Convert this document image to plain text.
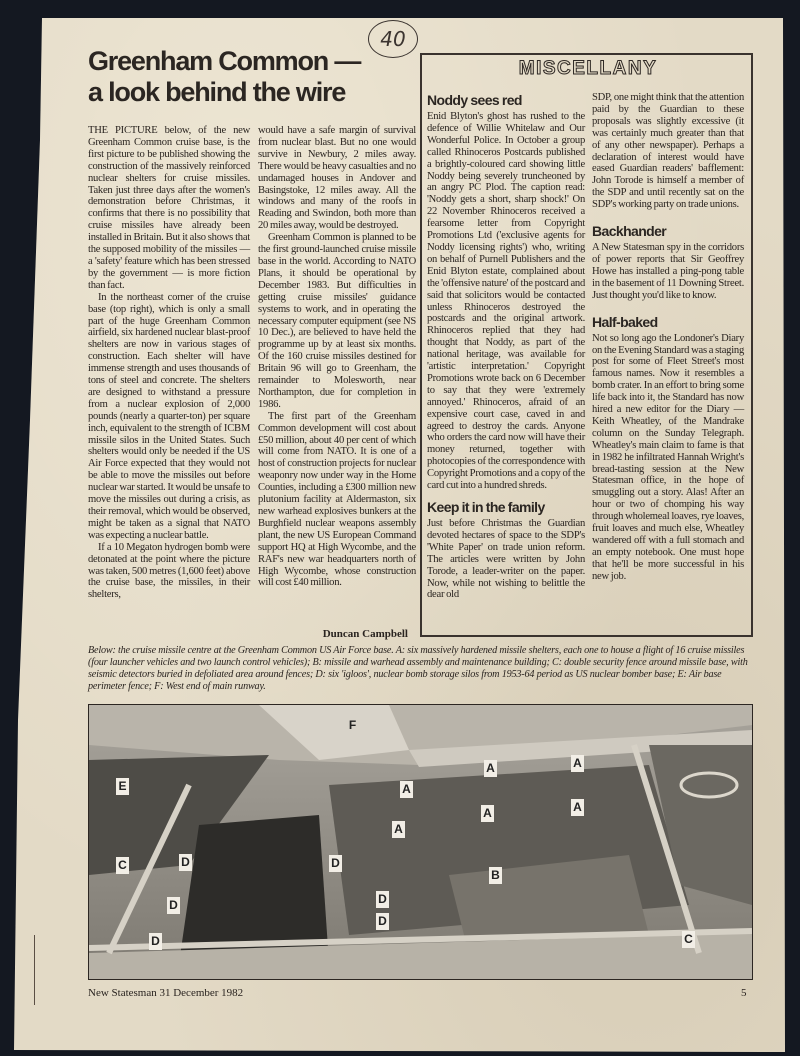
40
Greenham Common — a look behind the wire

THE PICTURE below, of the new Greenham Common cruise base, is the first picture to be published showing the construction of the massively reinforced nuclear shelters for cruise missiles. Taken just three days after the women's demonstration before Christmas, it confirms that there is no possibility that cruise missiles have already been installed in Britain. But it also shows that the supposed mobility of the missiles — a 'safety' feature which has been stressed by the government — is more fiction than fact.

In the northeast corner of the cruise base (top right), which is only a small part of the huge Greenham Common airfield, six hardened nuclear blast-proof shelters are now in various stages of construction. Each shelter will have immense strength and uses thousands of tons of steel and concrete. The shelters are designed to withstand a pressure from a nuclear explosion of 2,000 pounds (nearly a quarter-ton) per square inch, equivalent to the strength of ICBM missile silos in the United States. Such shelters would only be needed if the US Air Force expected that they would not be able to move the missiles out before nuclear war started. It would be unsafe to move the missiles out during a crisis, as their removal, which would be observed, might be taken as a signal that NATO was expecting a nuclear battle.

If a 10 Megaton hydrogen bomb were detonated at the point where the picture was taken, 500 metres (1,600 feet) above the cruise base, the missiles, in their shelters,

would have a safe margin of survival from nuclear blast. But no one would survive in Newbury, 2 miles away. There would be heavy casualties and no undamaged houses in Andover and Basingstoke, 12 miles away. All the windows and many of the roofs in Reading and Swindon, both more than 20 miles away, would be destroyed.

Greenham Common is planned to be the first ground-launched cruise missile base in the world. According to NATO Plans, it should be operational by December 1983. But difficulties in getting cruise missiles' guidance systems to work, and in operating the necessary computer equipment (see NS 10 Dec.), are believed to have held the programme up by at least six months. Of the 160 cruise missiles destined for Britain 96 will go to Greenham, the remainder to Molesworth, near Northampton, due for completion in 1986.

The first part of the Greenham Common development will cost about £50 million, about 40 per cent of which will come from NATO. It is one of a host of construction projects for nuclear weaponry now under way in the Home Counties, including a £300 million new plutonium facility at Aldermaston, six new warhead explosives bunkers at the Burghfield nuclear weapons assembly plant, the new US European Command support HQ at High Wycombe, and the RAF's new war headquarters north of High Wycombe, whose construction will cost £40 million.

Duncan Campbell
MISCELLANY
Noddy sees red

Enid Blyton's ghost has rushed to the defence of Willie Whitelaw and Our Wonderful Police. In October a group called Rhinoceros Postcards published a brightly-coloured card showing little Noddy being severely truncheoned by an angry PC Plod. The caption read: 'Noddy gets a short, sharp shock!' On 22 November Rhinoceros received a fearsome letter from Copyright Promotions Ltd ('exclusive agents for Noddy licensing rights') who, writing on behalf of Purnell Publishers and the Enid Blyton estate, complained about the 'offensive nature' of the postcard and said that solicitors would be contacted unless Rhinoceros destroyed the postcards and the original artwork. Rhinoceros replied that they had thought that Noddy, as part of the national heritage, was available for 'artistic interpretation.' Copyright Promotions wrote back on 6 December to say that they were 'extremely annoyed.' Rhinoceros, afraid of an expensive court case, caved in and agreed to destroy the cards. Anyone who orders the card now will have their money returned, together with photocopies of the correspondence with Copyright Promotions and a copy of the card cut into a hundred shreds.

Keep it in the family

Just before Christmas the Guardian devoted hectares of space to the SDP's 'White Paper' on trade union reform. The articles were written by John Torode, a leader-writer on the paper. Now, while not wishing to belittle the dear old

SDP, one might think that the attention paid by the Guardian to these proposals was slightly excessive (it was certainly much greater than that of any other newspaper). Perhaps a declaration of interest would have eased Guardian readers' bafflement: John Torode is himself a member of the SDP and until recently sat on the SDP's working party on trade unions.

Backhander

A New Statesman spy in the corridors of power reports that Sir Geoffrey Howe has installed a ping-pong table in the basement of 11 Downing Street. Just thought you'd like to know.

Half-baked

Not so long ago the Londoner's Diary on the Evening Standard was a staging post for some of Fleet Street's most famous names. Now it resembles a bomb crater. In an effort to bring some life back into it, the Standard has now hired a new editor for the Diary — Keith Wheatley, of the Mandrake column on the Sunday Telegraph. Wheatley's main claim to fame is that in 1982 he infiltrated Hannah Wright's bread-tasting session at the New Statesman office, in the hope of smuggling out a story. Alas! After an hour or two of chomping his way through wholemeal loaves, rye loaves, fruit loaves and much else, Wheatley wandered off with a full stomach and an empty notebook. One must hope that he'll be more successful in his new job.

Below: the cruise missile centre at the Greenham Common US Air Force base. A: six massively hardened missile shelters, each one to house a flight of 16 cruise missiles (four launcher vehicles and two launch control vehicles); B: missile and warhead assembly and maintenance building; C: double security fence around missile base, with seismic detectors buried in defoliated area around fences; D: six 'igloos', nuclear bomb storage silos from 1953-64 period as US nuclear bomber base; E: Air base perimeter fence; F: West end of main runway.
F
E
A	A
A
A	A
A
B
C
C
D	D
D	D
D
D
New Statesman 31 December 1982	5
